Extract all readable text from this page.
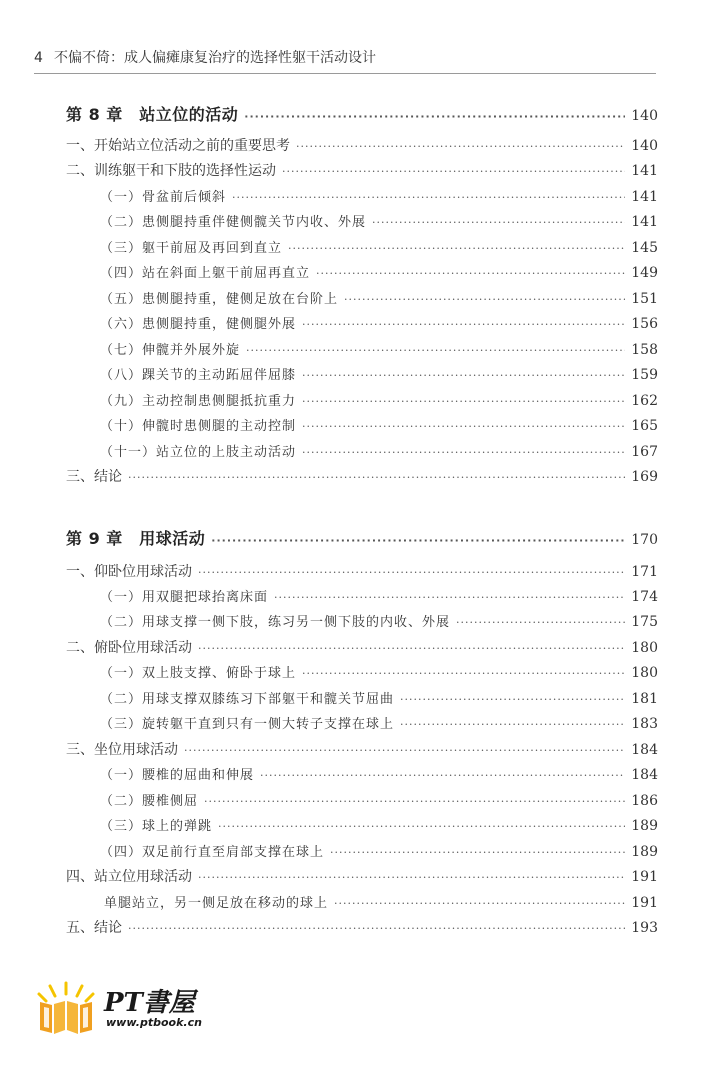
4 不偏不倚：成人偏瘫康复治疗的选择性躯干活动设计
第 8 章　站立位的活动 ·····	140
一、开始站立位活动之前的重要思考 ·····	140
二、训练躯干和下肢的选择性运动 ·····	141
（一）骨盆前后倾斜 ·····	141
（二）患侧腿持重伴健侧髋关节内收、外展 ·····	141
（三）躯干前屈及再回到直立 ·····	145
（四）站在斜面上躯干前屈再直立 ·····	149
（五）患侧腿持重，健侧足放在台阶上 ·····	151
（六）患侧腿持重，健侧腿外展 ·····	156
（七）伸髋并外展外旋 ·····	158
（八）踝关节的主动跖屈伴屈膝 ·····	159
（九）主动控制患侧腿抵抗重力 ·····	162
（十）伸髋时患侧腿的主动控制 ·····	165
（十一）站立位的上肢主动活动 ·····	167
三、结论 ·····	169
第 9 章　用球活动 ·····	170
一、仰卧位用球活动 ·····	171
（一）用双腿把球抬离床面 ·····	174
（二）用球支撑一侧下肢，练习另一侧下肢的内收、外展 ·····	175
二、俯卧位用球活动 ·····	180
（一）双上肢支撑、俯卧于球上 ·····	180
（二）用球支撑双膝练习下部躯干和髋关节屈曲 ·····	181
（三）旋转躯干直到只有一侧大转子支撑在球上 ·····	183
三、坐位用球活动 ·····	184
（一）腰椎的屈曲和伸展 ·····	184
（二）腰椎侧屈 ·····	186
（三）球上的弹跳 ·····	189
（四）双足前行直至肩部支撑在球上 ·····	189
四、站立位用球活动 ·····	191
单腿站立，另一侧足放在移动的球上 ·····	191
五、结论 ·····	193
PT書屋
www.ptbook.cn
